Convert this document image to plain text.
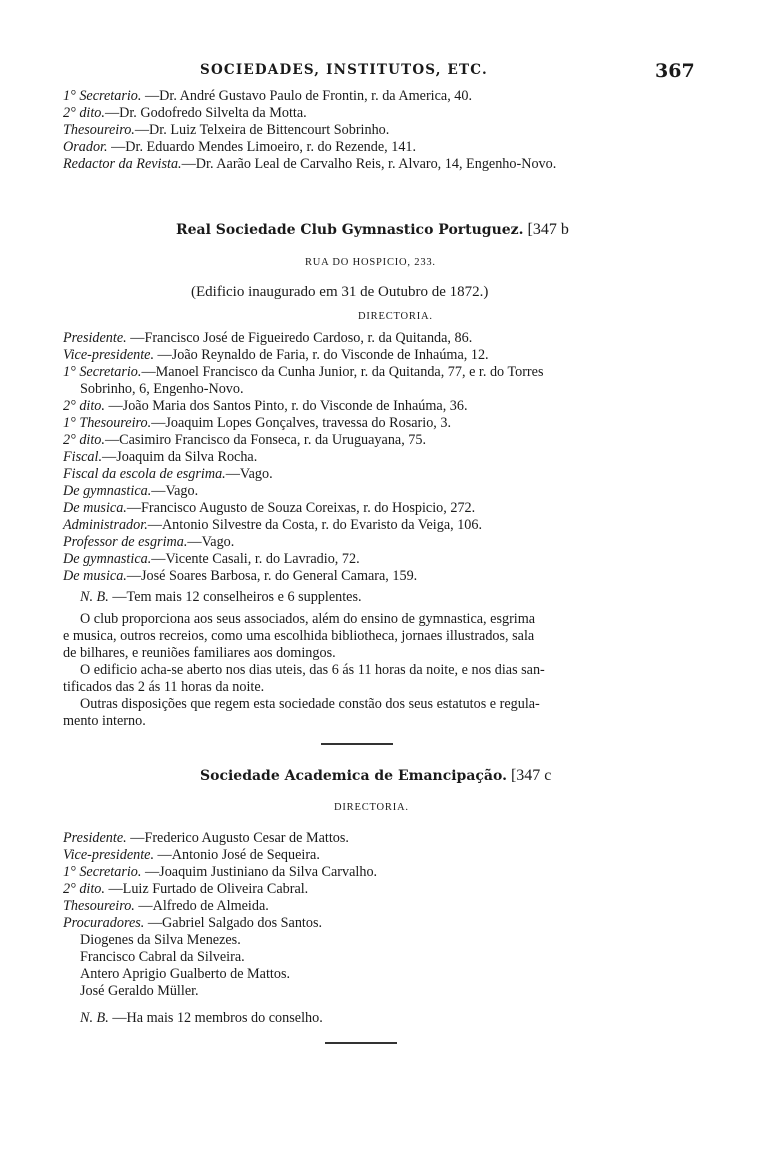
SOCIEDADES, INSTITUTOS, ETC.	367
1° Secretario. —Dr. André Gustavo Paulo de Frontin, r. da America, 40.
2° dito.—Dr. Godofredo Silvelta da Motta.
Thesoureiro.—Dr. Luiz Telxeira de Bittencourt Sobrinho.
Orador. —Dr. Eduardo Mendes Limoeiro, r. do Rezende, 141.
Redactor da Revista.—Dr. Aarão Leal de Carvalho Reis, r. Alvaro, 14, Engenho-Novo.
Real Sociedade Club Gymnastico Portuguez. [347 b
RUA DO HOSPICIO, 233.
(Edificio inaugurado em 31 de Outubro de 1872.)
DIRECTORIA.
Presidente. —Francisco José de Figueiredo Cardoso, r. da Quitanda, 86.
Vice-presidente. —João Reynaldo de Faria, r. do Visconde de Inhaúma, 12.
1° Secretario.—Manoel Francisco da Cunha Junior, r. da Quitanda, 77, e r. do Torres
Sobrinho, 6, Engenho-Novo.
2° dito. —João Maria dos Santos Pinto, r. do Visconde de Inhaúma, 36.
1° Thesoureiro.—Joaquim Lopes Gonçalves, travessa do Rosario, 3.
2° dito.—Casimiro Francisco da Fonseca, r. da Uruguayana, 75.
Fiscal.—Joaquim da Silva Rocha.
Fiscal da escola de esgrima.—Vago.
De gymnastica.—Vago.
De musica.—Francisco Augusto de Souza Coreixas, r. do Hospicio, 272.
Administrador.—Antonio Silvestre da Costa, r. do Evaristo da Veiga, 106.
Professor de esgrima.—Vago.
De gymnastica.—Vicente Casali, r. do Lavradio, 72.
De musica.—José Soares Barbosa, r. do General Camara, 159.
N. B. —Tem mais 12 conselheiros e 6 supplentes.
O club proporciona aos seus associados, além do ensino de gymnastica, esgrima
e musica, outros recreios, como uma escolhida bibliotheca, jornaes illustrados, sala
de bilhares, e reuniões familiares aos domingos.
O edificio acha-se aberto nos dias uteis, das 6 ás 11 horas da noite, e nos dias san-
tificados das 2 ás 11 horas da noite.
Outras disposições que regem esta sociedade constão dos seus estatutos e regula-
mento interno.
Sociedade Academica de Emancipação. [347 c
DIRECTORIA.
Presidente. —Frederico Augusto Cesar de Mattos.
Vice-presidente. —Antonio José de Sequeira.
1° Secretario. —Joaquim Justiniano da Silva Carvalho.
2° dito. —Luiz Furtado de Oliveira Cabral.
Thesoureiro. —Alfredo de Almeida.
Procuradores. —Gabriel Salgado dos Santos.
Diogenes da Silva Menezes.
Francisco Cabral da Silveira.
Antero Aprigio Gualberto de Mattos.
José Geraldo Müller.
N. B. —Ha mais 12 membros do conselho.
